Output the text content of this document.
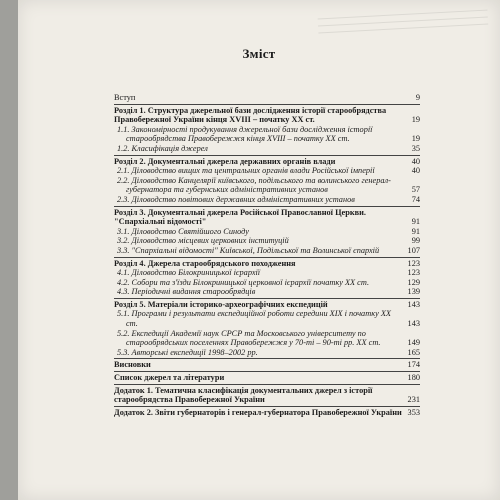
Зміст
Вступ	9
Розділ 1. Структура джерельної бази дослідження історії старообрядства Правобережної України кінця XVIII – початку XX ст.	19
1.1. Закономірності продукування джерельної бази дослідження історії старообрядства Правобережжя кінця XVIII – початку XX ст.	19
1.2. Класифікація джерел	35
Розділ 2. Документальні джерела державних органів влади	40
2.1. Діловодство вищих та центральних органів влади Російської імперії	40
2.2. Діловодство Канцелярії київського, подільського та волинського генерал-губернатора та губернських адміністративних установ	57
2.3. Діловодство повітових державних адміністративних установ	74
Розділ 3. Документальні джерела Російської Православної Церкви. "Спархіальні відомості"	91
3.1. Діловодство Святійшого Синоду	91
3.2. Діловодство місцевих церковних інституцій	99
3.3. "Спархіальні відомості" Київської, Подільської та Волинської єпархій	107
Розділ 4. Джерела старообрядського походження	123
4.1. Діловодство Білокриницької ієрархії	123
4.2. Собори та з'їзди Білокриницької церковної ієрархії початку XX ст.	129
4.3. Періодичні видання старообрядців	139
Розділ 5. Матеріали історико-археографічних експедицій	143
5.1. Програми і результати експедиційної роботи середини XIX і початку XX ст.	143
5.2. Експедиції Академії наук СРСР та Московського університету по старообрядських поселеннях Правобережжя у 70-ті – 90-ті рр. XX ст.	149
5.3. Авторські експедиції 1998–2002 рр.	165
Висновки	174
Список джерел та літератури	180
Додаток 1. Тематична класифікація документальних джерел з історії старообрядства Правобережної України	231
Додаток 2. Звіти губернаторів і генерал-губернатора Правобережної України 353
